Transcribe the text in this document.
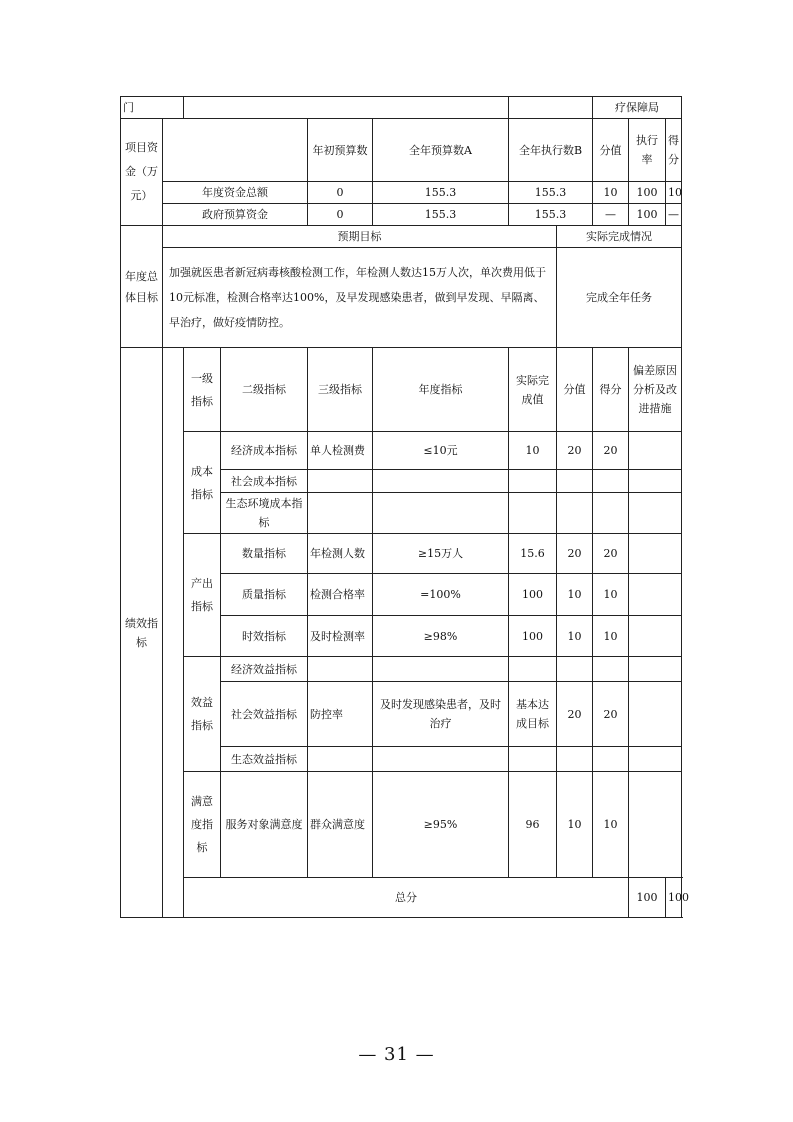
门								疗保障局			
项目资金（万元）				年初预算数	全年预算数A	全年执行数B		分值	执行率	得分	
	年度资金总额			0	155.3	155.3		10	100	10	
	政府预算资金			0	155.3	155.3		—	100	—	
年度总体目标	预期目标						实际完成情况				
	加强就医患者新冠病毒核酸检测工作，年检测人数达15万人次，单次费用低于10元标准，检测合格率达100%，及早发现感染患者，做到早发现、早隔离、早治疗，做好疫情防控。						完成全年任务				
绩效指标		一级指标	二级指标	三级指标	年度指标	实际完成值	分值	得分	偏差原因分析及改进措施		
		成本指标	经济成本指标	单人检测费	≤10元	10	20	20			
			社会成本指标								
			生态环境成本指标								
		产出指标	数量指标	年检测人数	≥15万人	15.6	20	20			
			质量指标	检测合格率	=100%	100	10	10			
			时效指标	及时检测率	≥98%	100	10	10			
		效益指标	经济效益指标								
			社会效益指标	防控率	及时发现感染患者，及时治疗	基本达成目标	20	20			
			生态效益指标								
		满意度指标	服务对象满意度	群众满意度	≥95%	96	10	10			
		总分							100	100	
— 31 —
